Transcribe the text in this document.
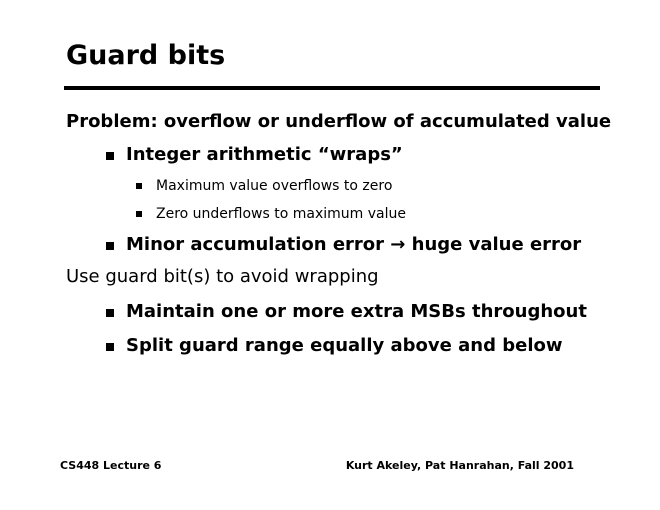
Guard bits
Problem: overflow or underflow of accumulated value
Integer arithmetic “wraps”
Maximum value overflows to zero
Zero underflows to maximum value
Minor accumulation error → huge value error
Use guard bit(s) to avoid wrapping
Maintain one or more extra MSBs throughout
Split guard range equally above and below
CS448 Lecture 6	Kurt Akeley, Pat Hanrahan, Fall 2001
